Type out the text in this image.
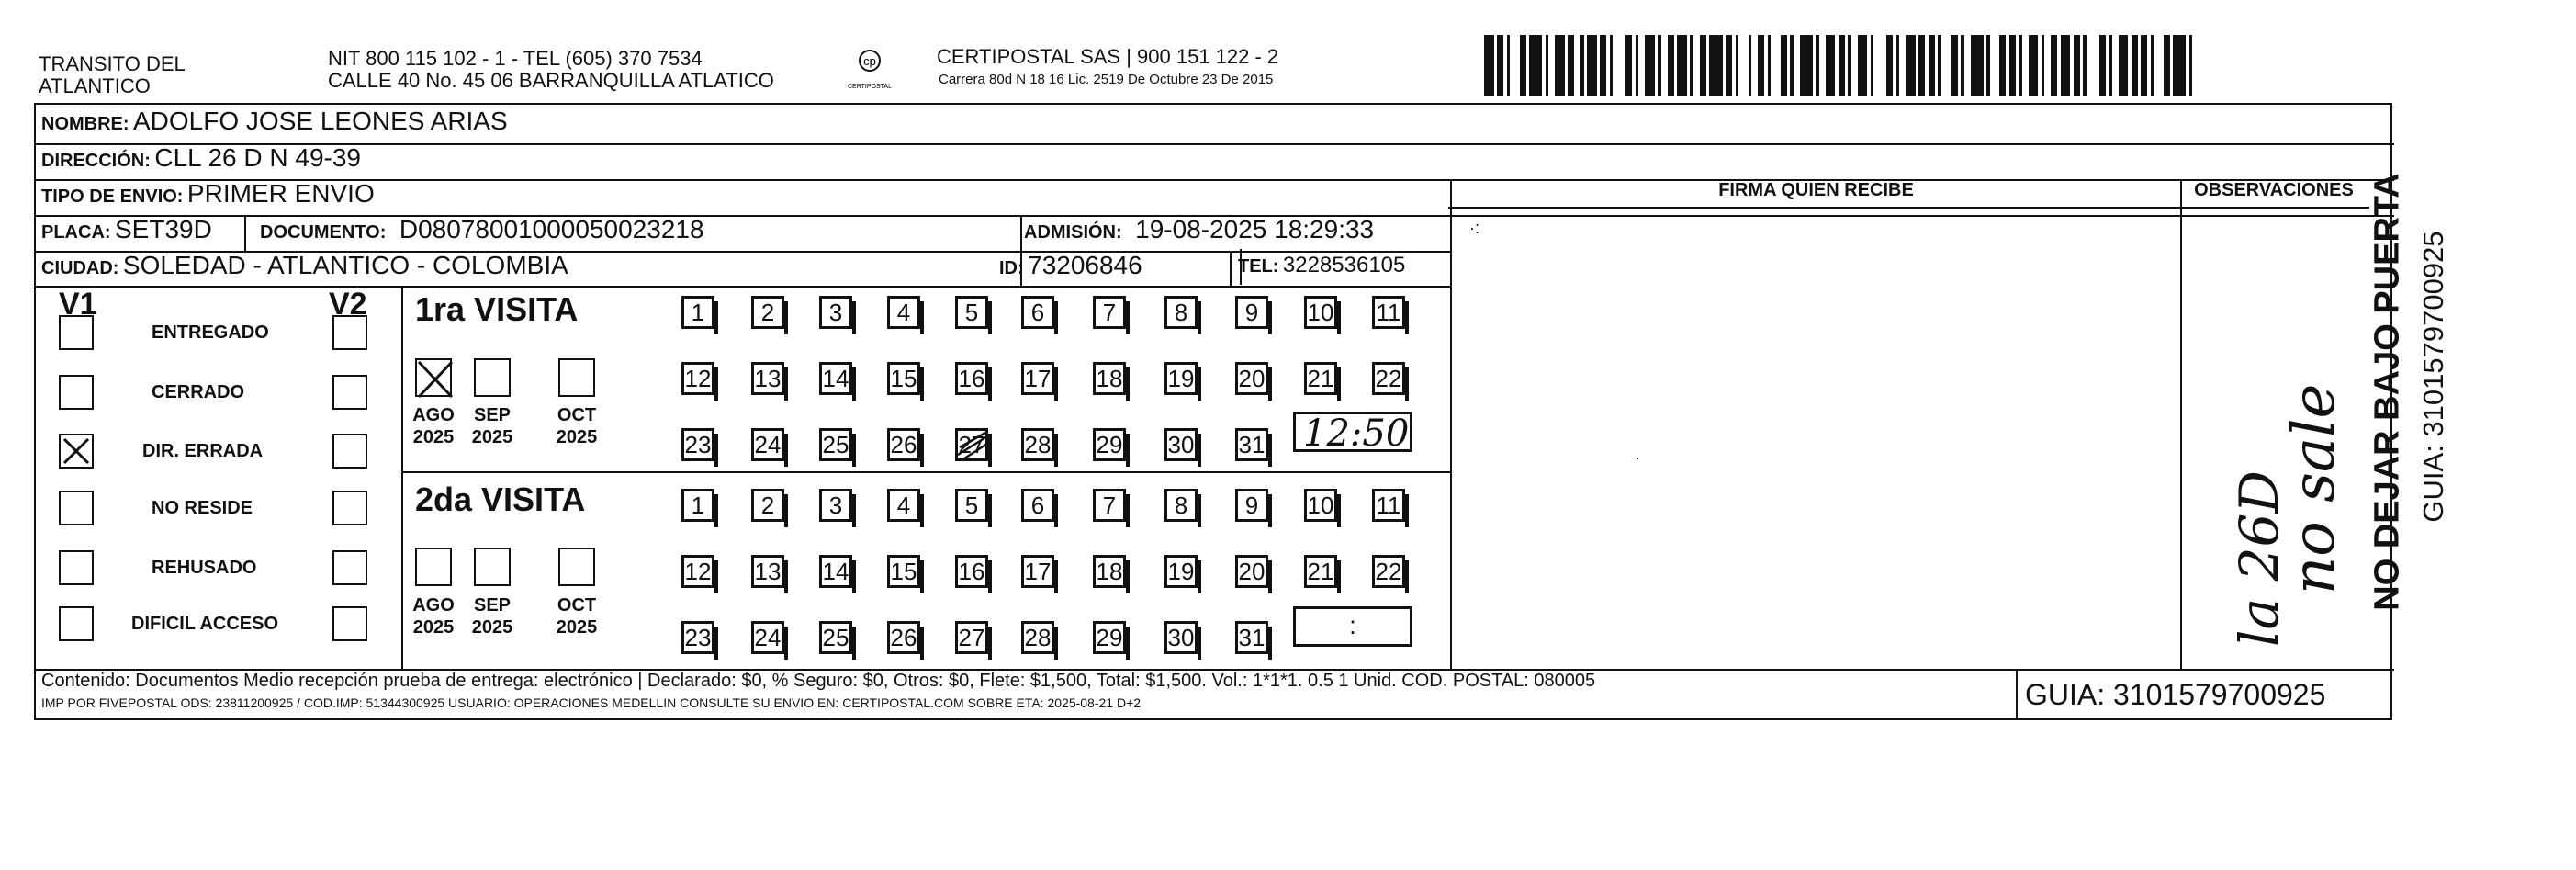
TRANSITO DEL
ATLANTICO
NIT 800 115 102 - 1 - TEL (605) 370 7534
CALLE 40 No. 45 06 BARRANQUILLA ATLATICO
cp
CERTIPOSTAL
CERTIPOSTAL SAS | 900 151 122 - 2
Carrera 80d N 18 16 Lic. 2519 De Octubre 23 De 2015
NOMBRE: ADOLFO JOSE LEONES ARIAS
DIRECCIÓN: CLL 26 D N 49-39
TIPO DE ENVIO: PRIMER ENVIO
PLACA: SET39D	DOCUMENTO: D08078001000050023218	ADMISIÓN: 19-08-2025 18:29:33
CIUDAD: SOLEDAD - ATLANTICO - COLOMBIA	ID: 73206846	TEL: 3228536105
FIRMA QUIEN RECIBE	OBSERVACIONES
V1	V2
ENTREGADO
CERRADO
DIR. ERRADA
NO RESIDE
REHUSADO
DIFICIL ACCESO
1ra VISITA
2da VISITA
AGO
2025
SEP
2025
OCT
2025
AGO
2025
SEP
2025
OCT
2025
1	2	3	4	5	6	7	8	9	10 11
12 13 14 15 16 17 18 19 20 21 22
23 24 25 26 27 28 29 30 31
1	2	3	4	5	6	7	8	9	10 11
12 13 14 15 16 17 18 19 20 21 22
23 24 25 26 27 28 29 30 31
12:50
:	la 26D
no sale
·:
·	NO DEJAR BAJO PUERTA GUIA: 3101579700925
Contenido: Documentos Medio recepción prueba de entrega: electrónico | Declarado: $0, % Seguro: $0, Otros: $0, Flete: $1,500, Total: $1,500. Vol.: 1*1*1. 0.5 1 Unid. COD. POSTAL: 080005
IMP POR FIVEPOSTAL ODS: 23811200925 / COD.IMP: 51344300925 USUARIO: OPERACIONES MEDELLIN CONSULTE SU ENVIO EN: CERTIPOSTAL.COM SOBRE ETA: 2025-08-21 D+2	GUIA: 3101579700925
